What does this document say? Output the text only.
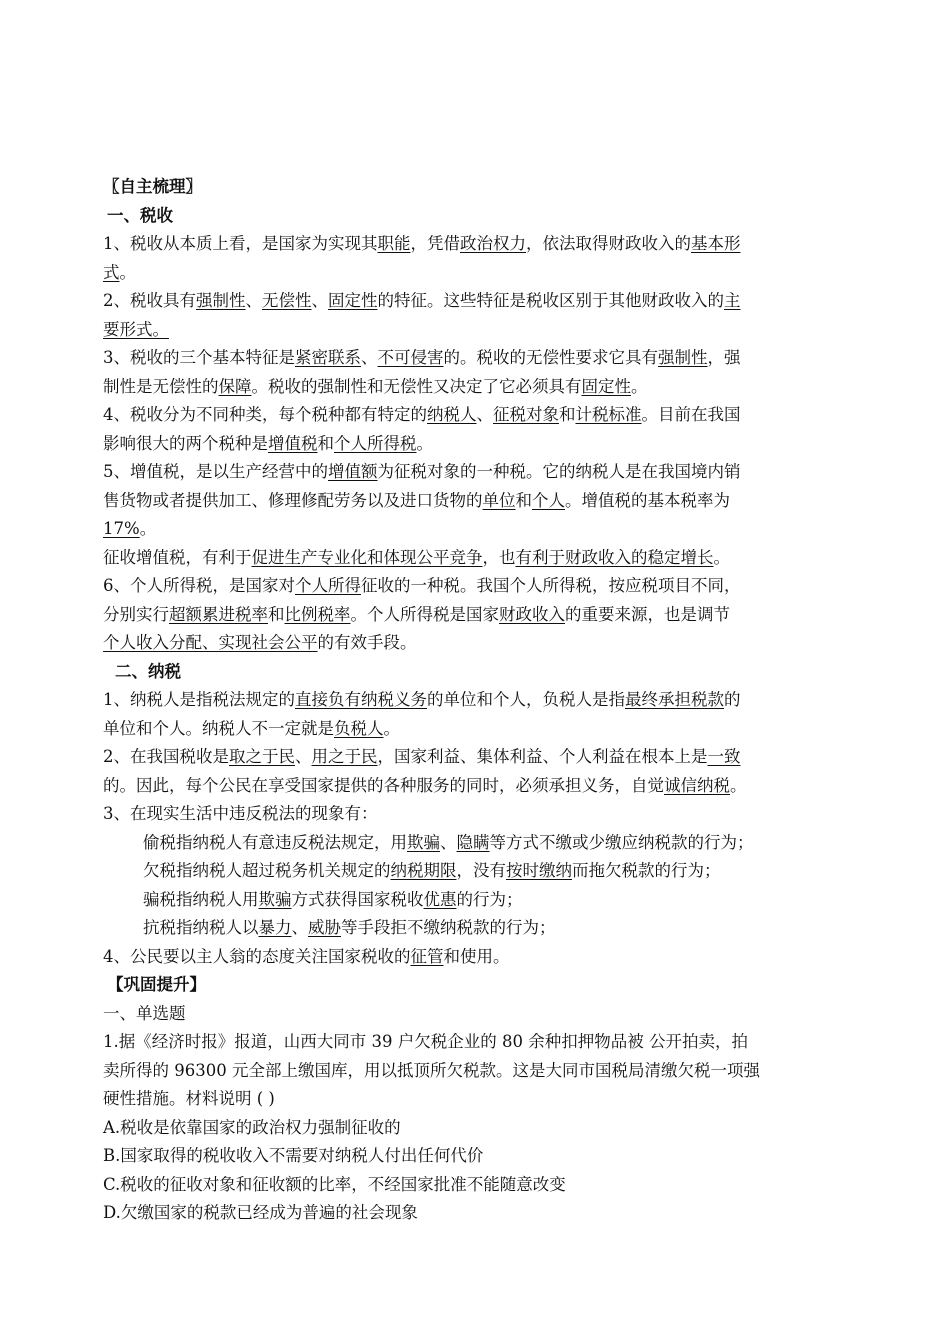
〖自主梳理〗
一、税收
1、税收从本质上看，是国家为实现其职能，凭借政治权力，依法取得财政收入的基本形
式。
2、税收具有强制性、无偿性、固定性的特征。这些特征是税收区别于其他财政收入的主
要形式。
3、税收的三个基本特征是紧密联系、不可侵害的。税收的无偿性要求它具有强制性，强
制性是无偿性的保障。税收的强制性和无偿性又决定了它必须具有固定性。
4、税收分为不同种类，每个税种都有特定的纳税人、征税对象和计税标准。目前在我国
影响很大的两个税种是增值税和个人所得税。
5、增值税，是以生产经营中的增值额为征税对象的一种税。它的纳税人是在我国境内销
售货物或者提供加工、修理修配劳务以及进口货物的单位和个人。增值税的基本税率为
17%。
征收增值税，有利于促进生产专业化和体现公平竞争，也有利于财政收入的稳定增长。
6、个人所得税，是国家对个人所得征收的一种税。我国个人所得税，按应税项目不同，
分别实行超额累进税率和比例税率。个人所得税是国家财政收入的重要来源，也是调节
个人收入分配、实现社会公平的有效手段。
二、纳税
1、纳税人是指税法规定的直接负有纳税义务的单位和个人，负税人是指最终承担税款的
单位和个人。纳税人不一定就是负税人。
2、在我国税收是取之于民、用之于民，国家利益、集体利益、个人利益在根本上是一致
的。因此，每个公民在享受国家提供的各种服务的同时，必须承担义务，自觉诚信纳税。
3、在现实生活中违反税法的现象有：
偷税指纳税人有意违反税法规定，用欺骗、隐瞒等方式不缴或少缴应纳税款的行为；
欠税指纳税人超过税务机关规定的纳税期限，没有按时缴纳而拖欠税款的行为；
骗税指纳税人用欺骗方式获得国家税收优惠的行为；
抗税指纳税人以暴力、威胁等手段拒不缴纳税款的行为；
4、公民要以主人翁的态度关注国家税收的征管和使用。
【巩固提升】
一、单选题
1.据《经济时报》报道，山西大同市 39 户欠税企业的 80 余种扣押物品被 公开拍卖，拍
卖所得的 96300 元全部上缴国库，用以抵顶所欠税款。这是大同市国税局清缴欠税一项强
硬性措施。材料说明 ( )
A.税收是依靠国家的政治权力强制征收的
B.国家取得的税收收入不需要对纳税人付出任何代价
C.税收的征收对象和征收额的比率，不经国家批准不能随意改变
D.欠缴国家的税款已经成为普遍的社会现象
